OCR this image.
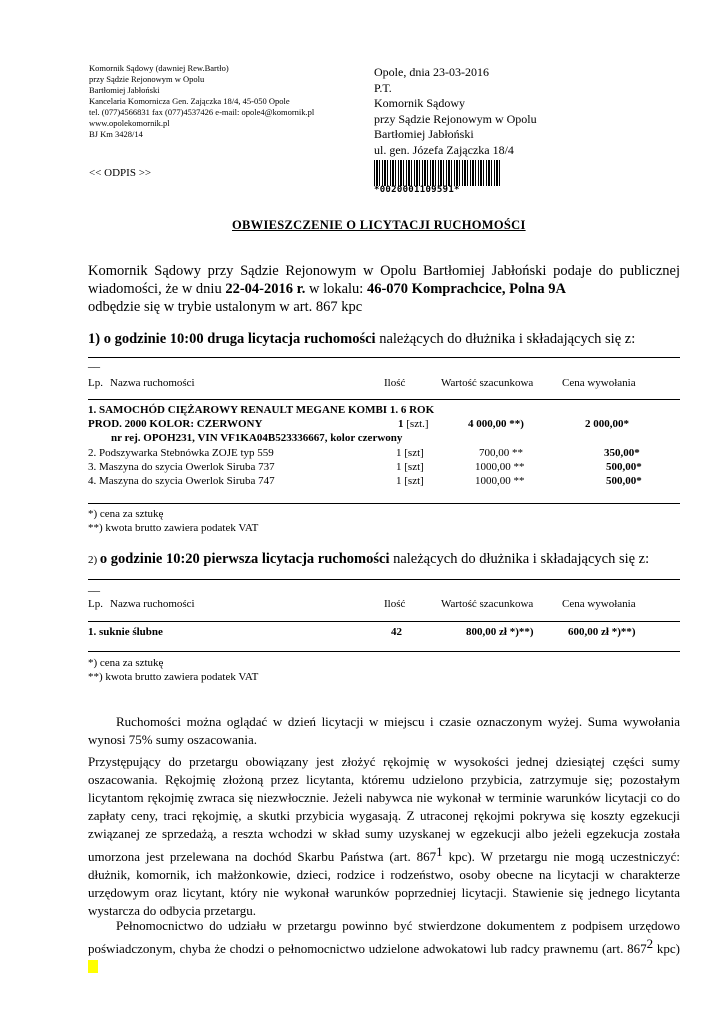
Komornik Sądowy (dawniej Rew.Bartło)
przy Sądzie Rejonowym w Opolu
Bartłomiej Jabłoński
Kancelaria Komornicza Gen. Zajączka 18/4, 45-050 Opole
tel. (077)4566831 fax (077)4537426 e-mail: opole4@komornik.pl
www.opolekomornik.pl
BJ Km 3428/14
<< ODPIS >>
Opole, dnia 23-03-2016
P.T.
Komornik Sądowy
przy Sądzie Rejonowym w Opolu
Bartłomiej Jabłoński
ul. gen. Józefa Zajączka 18/4
*0020001109591*
OBWIESZCZENIE O LICYTACJI RUCHOMOŚCI
Komornik Sądowy przy Sądzie Rejonowym w Opolu Bartłomiej Jabłoński podaje do publicznej
wiadomości, że w dniu 22-04-2016 r. w lokalu: 46-070 Komprachcice, Polna 9A
odbędzie się w trybie ustalonym w art. 867 kpc
1) o godzinie 10:00 druga licytacja ruchomości należących do dłużnika i składających się z:
__
Lp. Nazwa ruchomości	Ilość	Wartość szacunkowa	Cena wywołania
1. SAMOCHÓD CIĘŻAROWY RENAULT MEGANE KOMBI 1. 6 ROK
PROD. 2000 KOLOR: CZERWONY	1 [szt.]	4 000,00 **)	2 000,00*
nr rej. OPOH231, VIN VF1KA04B523336667, kolor czerwony
2. Podszywarka Stebnówka ZOJE typ 559	1 [szt]	700,00 **	350,00*
3. Maszyna do szycia Owerlok Siruba 737	1 [szt]	1000,00 **	500,00*
4. Maszyna do szycia Owerlok Siruba 747	1 [szt]	1000,00 **	500,00*
*) cena za sztukę
**) kwota brutto zawiera podatek VAT
2) o godzinie 10:20 pierwsza licytacja ruchomości należących do dłużnika i składających się z:
__
Lp. Nazwa ruchomości	Ilość	Wartość szacunkowa	Cena wywołania
1. suknie ślubne	42	800,00 zł *)**)	600,00 zł *)**)
*) cena za sztukę
**) kwota brutto zawiera podatek VAT
Ruchomości można oglądać w dzień licytacji w miejscu i czasie oznaczonym wyżej. Suma wywołania wynosi 75% sumy oszacowania.
Przystępujący do przetargu obowiązany jest złożyć rękojmię w wysokości jednej dziesiątej części sumy oszacowania. Rękojmię złożoną przez licytanta, któremu udzielono przybicia, zatrzymuje się; pozostałym licytantom rękojmię zwraca się niezwłocznie. Jeżeli nabywca nie wykonał w terminie warunków licytacji co do zapłaty ceny, traci rękojmię, a skutki przybicia wygasają. Z utraconej rękojmi pokrywa się koszty egzekucji związanej ze sprzedażą, a reszta wchodzi w skład sumy uzyskanej w egzekucji albo jeżeli egzekucja została umorzona jest przelewana na dochód Skarbu Państwa (art. $867^1$ kpc). W przetargu nie mogą uczestniczyć: dłużnik, komornik, ich małżonkowie, dzieci, rodzice i rodzeństwo, osoby obecne na licytacji w charakterze urzędowym oraz licytant, który nie wykonał warunków poprzedniej licytacji. Stawienie się jednego licytanta wystarcza do odbycia przetargu.
Pełnomocnictwo do udziału w przetargu powinno być stwierdzone dokumentem z podpisem urzędowo poświadczonym, chyba że chodzi o pełnomocnictwo udzielone adwokatowi lub radcy prawnemu (art. $867^2$ kpc)
